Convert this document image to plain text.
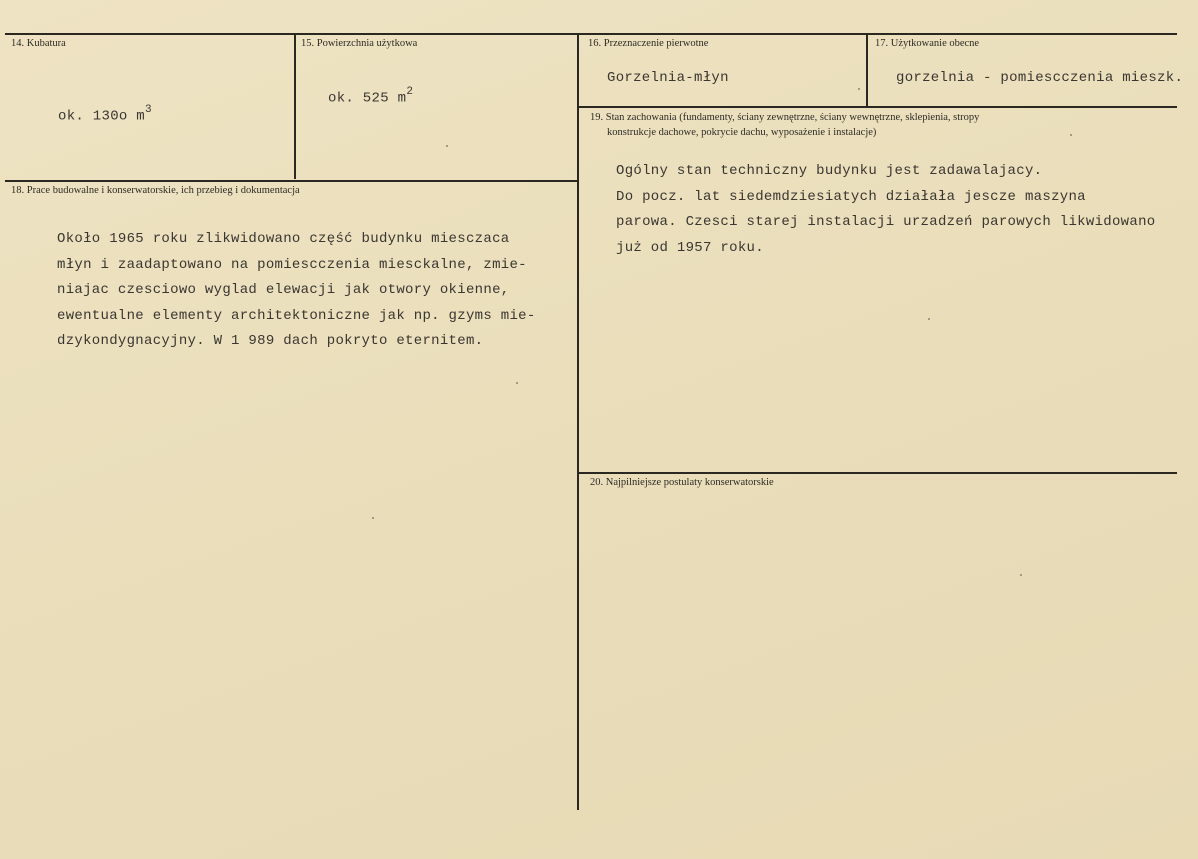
14. Kubatura
ok. 130o $m^3$
15. Powierzchnia użytkowa
ok. 525 $m^2$
16. Przeznaczenie pierwotne
Gorzelnia-młyn
17. Użytkowanie obecne
gorzelnia - pomiescczenia mieszk.
19. Stan zachowania (fundamenty, ściany zewnętrzne, ściany wewnętrzne, sklepienia, stropy
konstrukcje dachowe, pokrycie dachu, wyposażenie i instalacje)
Ogólny stan techniczny budynku jest zadawalajacy.
Do pocz. lat siedemdziesiatych działała jescze maszyna
parowa. Czesci starej instalacji urzadzeń parowych likwidowano
już od 1957 roku.
18. Prace budowalne i konserwatorskie, ich przebieg i dokumentacja
Około 1965 roku zlikwidowano część budynku miesczaca
młyn i zaadaptowano na pomiescczenia miesckalne, zmie-
niajac czesciowo wyglad elewacji jak otwory okienne,
ewentualne elementy architektoniczne jak np. gzyms mie-
dzykondygnacyjny. W 1 989 dach pokryto eternitem.
20. Najpilniejsze postulaty konserwatorskie
